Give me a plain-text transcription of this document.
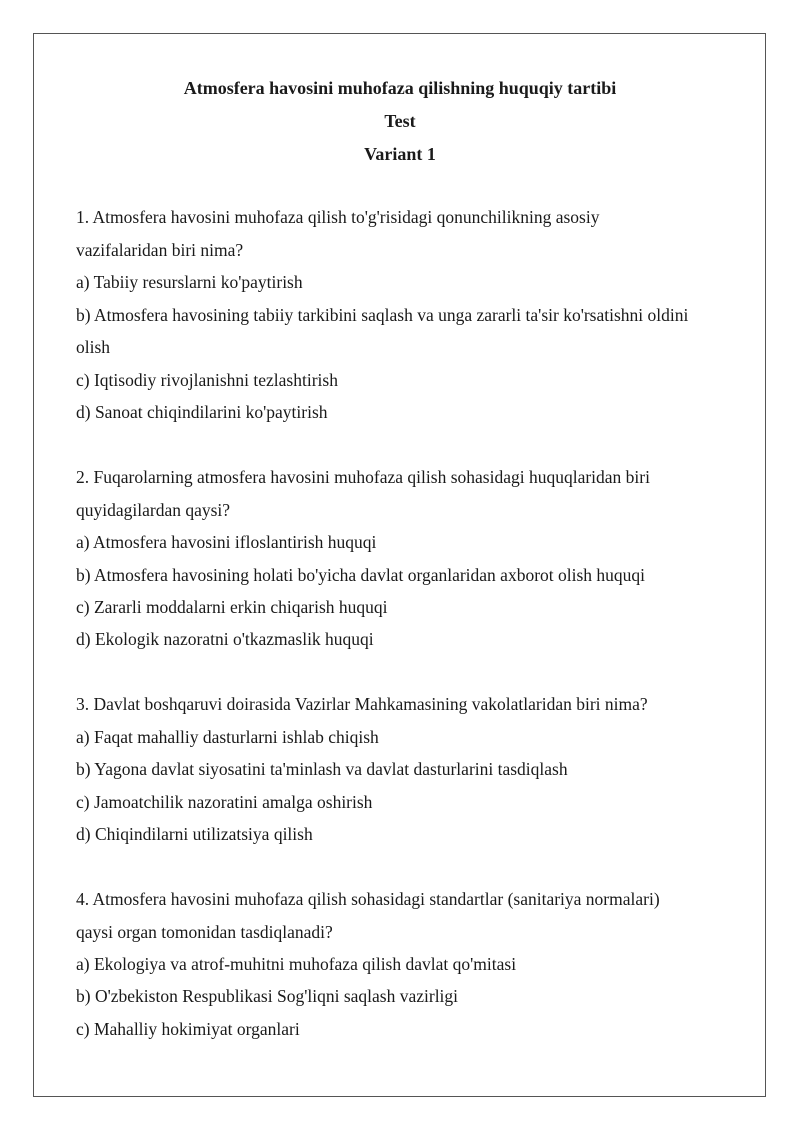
Atmosfera havosini muhofaza qilishning huquqiy tartibi
Test
Variant 1
1. Atmosfera havosini muhofaza qilish to'g'risidagi qonunchilikning asosiy
vazifalaridan biri nima?
a) Tabiiy resurslarni ko'paytirish
b) Atmosfera havosining tabiiy tarkibini saqlash va unga zararli ta'sir ko'rsatishni oldini
olish
c) Iqtisodiy rivojlanishni tezlashtirish
d) Sanoat chiqindilarini ko'paytirish
2. Fuqarolarning atmosfera havosini muhofaza qilish sohasidagi huquqlaridan biri
quyidagilardan qaysi?
a) Atmosfera havosini ifloslantirish huquqi
b) Atmosfera havosining holati bo'yicha davlat organlaridan axborot olish huquqi
c) Zararli moddalarni erkin chiqarish huquqi
d) Ekologik nazoratni o'tkazmaslik huquqi
3. Davlat boshqaruvi doirasida Vazirlar Mahkamasining vakolatlaridan biri nima?
a) Faqat mahalliy dasturlarni ishlab chiqish
b) Yagona davlat siyosatini ta'minlash va davlat dasturlarini tasdiqlash
c) Jamoatchilik nazoratini amalga oshirish
d) Chiqindilarni utilizatsiya qilish
4. Atmosfera havosini muhofaza qilish sohasidagi standartlar (sanitariya normalari)
qaysi organ tomonidan tasdiqlanadi?
a) Ekologiya va atrof-muhitni muhofaza qilish davlat qo'mitasi
b) O'zbekiston Respublikasi Sog'liqni saqlash vazirligi
c) Mahalliy hokimiyat organlari
